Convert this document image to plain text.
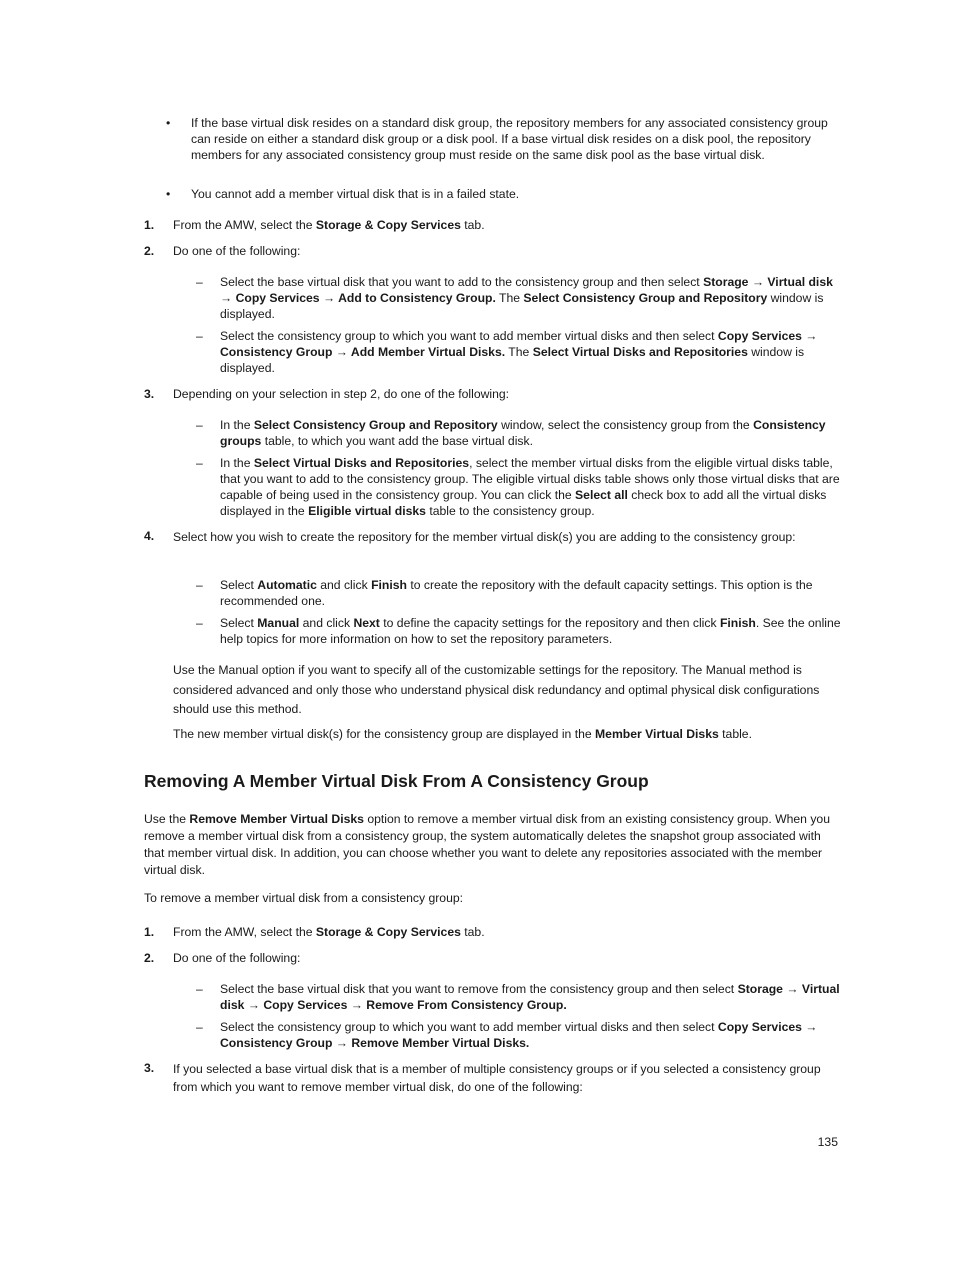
• If the base virtual disk resides on a standard disk group, the repository members for any associated consistency group can reside on either a standard disk group or a disk pool. If a base virtual disk resides on a disk pool, the repository members for any associated consistency group must reside on the same disk pool as the base virtual disk.
• You cannot add a member virtual disk that is in a failed state.
1. From the AMW, select the Storage & Copy Services tab.
2. Do one of the following:
– Select the base virtual disk that you want to add to the consistency group and then select Storage → Virtual disk → Copy Services → Add to Consistency Group. The Select Consistency Group and Repository window is displayed.
– Select the consistency group to which you want to add member virtual disks and then select Copy Services → Consistency Group → Add Member Virtual Disks. The Select Virtual Disks and Repositories window is displayed.
3. Depending on your selection in step 2, do one of the following:
– In the Select Consistency Group and Repository window, select the consistency group from the Consistency groups table, to which you want add the base virtual disk.
– In the Select Virtual Disks and Repositories, select the member virtual disks from the eligible virtual disks table, that you want to add to the consistency group. The eligible virtual disks table shows only those virtual disks that are capable of being used in the consistency group. You can click the Select all check box to add all the virtual disks displayed in the Eligible virtual disks table to the consistency group.
4. Select how you wish to create the repository for the member virtual disk(s) you are adding to the consistency group:
– Select Automatic and click Finish to create the repository with the default capacity settings. This option is the recommended one.
– Select Manual and click Next to define the capacity settings for the repository and then click Finish. See the online help topics for more information on how to set the repository parameters.
Use the Manual option if you want to specify all of the customizable settings for the repository. The Manual method is considered advanced and only those who understand physical disk redundancy and optimal physical disk configurations should use this method.
The new member virtual disk(s) for the consistency group are displayed in the Member Virtual Disks table.
Removing A Member Virtual Disk From A Consistency Group
Use the Remove Member Virtual Disks option to remove a member virtual disk from an existing consistency group. When you remove a member virtual disk from a consistency group, the system automatically deletes the snapshot group associated with that member virtual disk. In addition, you can choose whether you want to delete any repositories associated with the member virtual disk.
To remove a member virtual disk from a consistency group:
1. From the AMW, select the Storage & Copy Services tab.
2. Do one of the following:
– Select the base virtual disk that you want to remove from the consistency group and then select Storage → Virtual disk → Copy Services → Remove From Consistency Group.
– Select the consistency group to which you want to add member virtual disks and then select Copy Services → Consistency Group → Remove Member Virtual Disks.
3. If you selected a base virtual disk that is a member of multiple consistency groups or if you selected a consistency group from which you want to remove member virtual disk, do one of the following:
135
